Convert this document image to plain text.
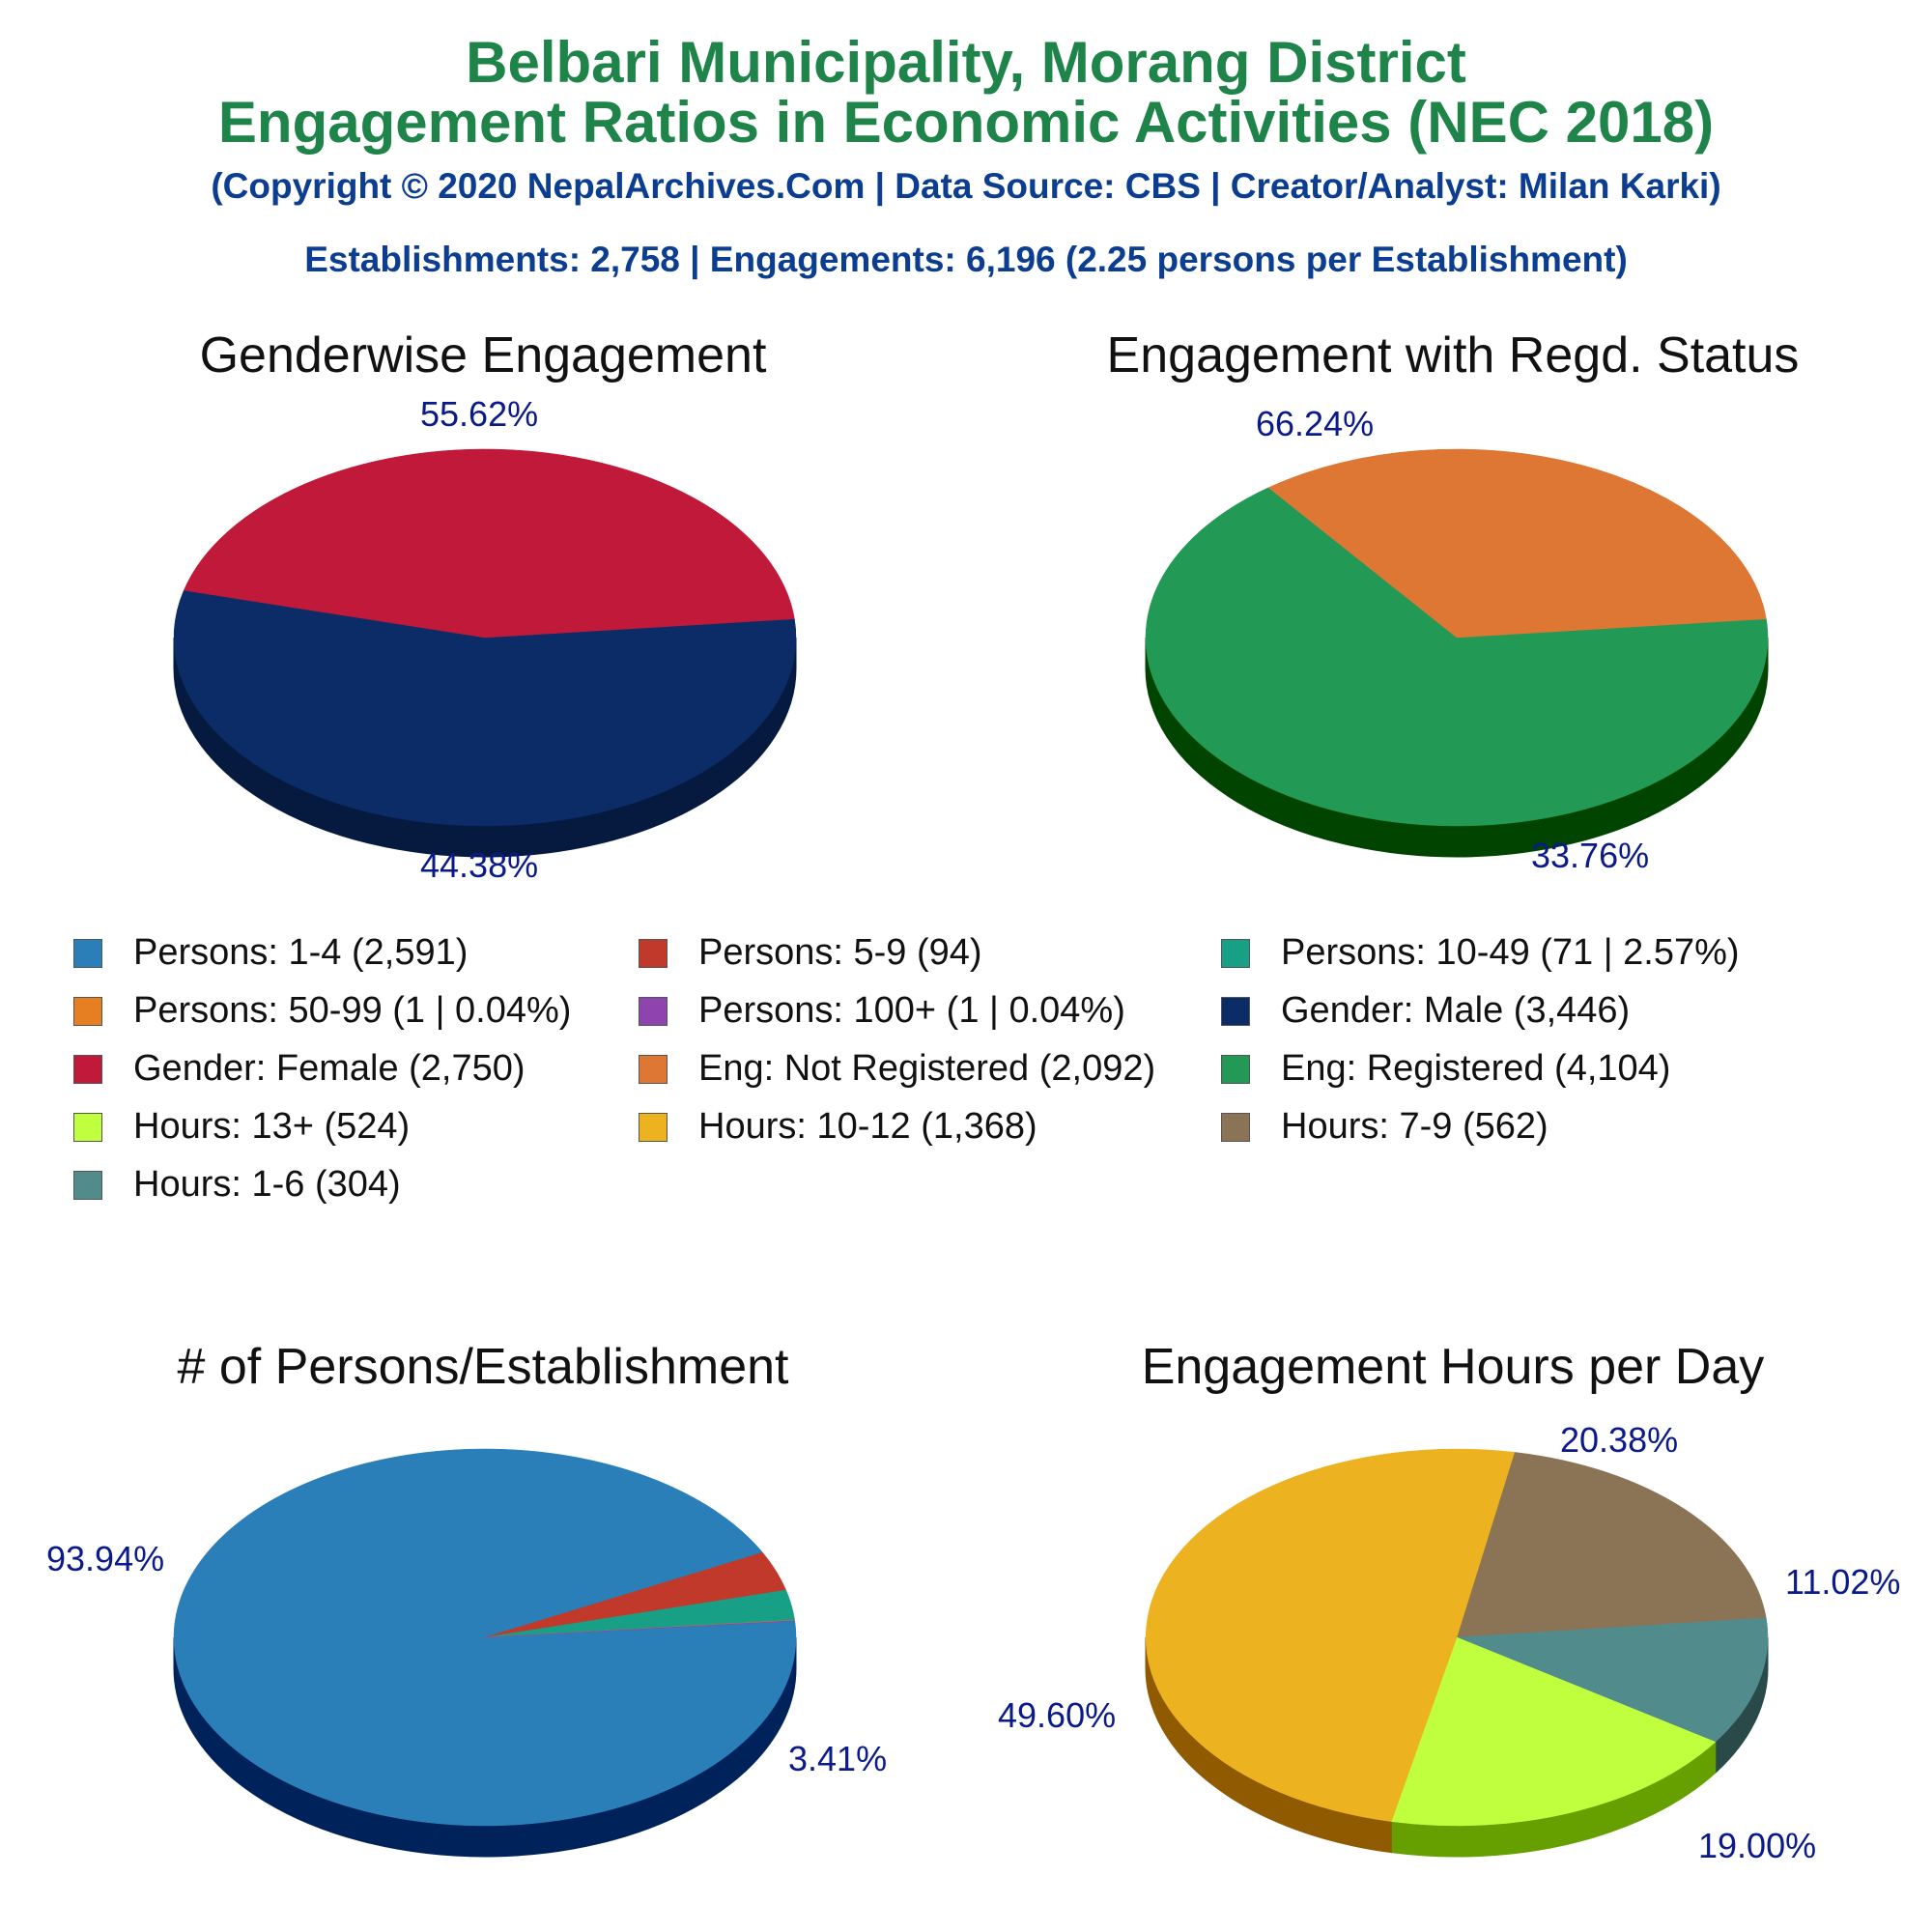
Belbari Municipality, Morang District
Engagement Ratios in Economic Activities (NEC 2018)
(Copyright © 2020 NepalArchives.Com | Data Source: CBS | Creator/Analyst: Milan Karki)
Establishments: 2,758 | Engagements: 6,196 (2.25 persons per Establishment)
Genderwise Engagement	Engagement with Regd. Status
# of Persons/Establishment	Engagement Hours per Day
55.62%
44.38%
66.24%
33.76%
93.94%
3.41%
20.38%
11.02%
19.00%
49.60%
Persons: 1-4 (2,591)	Persons: 5-9 (94)	Persons: 10-49 (71 | 2.57%)
Persons: 50-99 (1 | 0.04%)	Persons: 100+ (1 | 0.04%)	Gender: Male (3,446)
Gender: Female (2,750)	Eng: Not Registered (2,092)	Eng: Registered (4,104)
Hours: 13+ (524)	Hours: 10-12 (1,368)	Hours: 7-9 (562)
Hours: 1-6 (304)
